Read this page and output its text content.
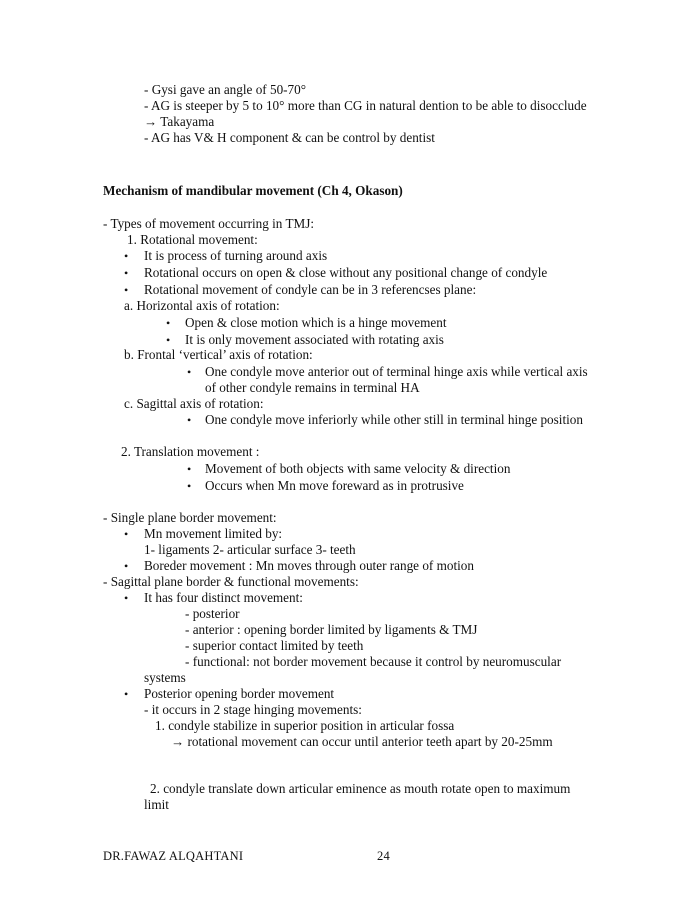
- Gysi gave an angle of 50-70°
- AG is steeper by 5 to 10° more than CG in natural dention to be able to disocclude
→ Takayama
- AG has V& H component & can be control by dentist
Mechanism of mandibular movement (Ch 4, Okason)
- Types of movement occurring in TMJ:
1. Rotational movement:
• It is process of turning around axis
• Rotational occurs on open & close without any positional change of condyle
• Rotational movement of condyle can be in 3 referencses plane:
a. Horizontal axis of rotation:
• Open & close motion which is a hinge movement
• It is only movement associated with rotating axis
b. Frontal ‘vertical’ axis of rotation:
• One condyle move anterior out of terminal hinge axis while vertical axis
of other condyle remains in terminal HA
c. Sagittal axis of rotation:
• One condyle move inferiorly while other still in terminal hinge position
2. Translation movement :
• Movement of both objects with same velocity & direction
• Occurs when Mn move foreward as in protrusive
- Single plane border movement:
• Mn movement limited by:
1- ligaments 2- articular surface 3- teeth
• Boreder movement : Mn moves through outer range of motion
- Sagittal plane border & functional movements:
• It has four distinct movement:
- posterior
- anterior : opening border limited by ligaments & TMJ
- superior contact limited by teeth
- functional: not border movement because it control by neuromuscular
systems
• Posterior opening border movement
- it occurs in 2 stage hinging movements:
1. condyle stabilize in superior position in articular fossa
→ rotational movement can occur until anterior teeth apart by 20-25mm
2. condyle translate down articular eminence as mouth rotate open to maximum
limit
DR.FAWAZ ALQAHTANI	24
